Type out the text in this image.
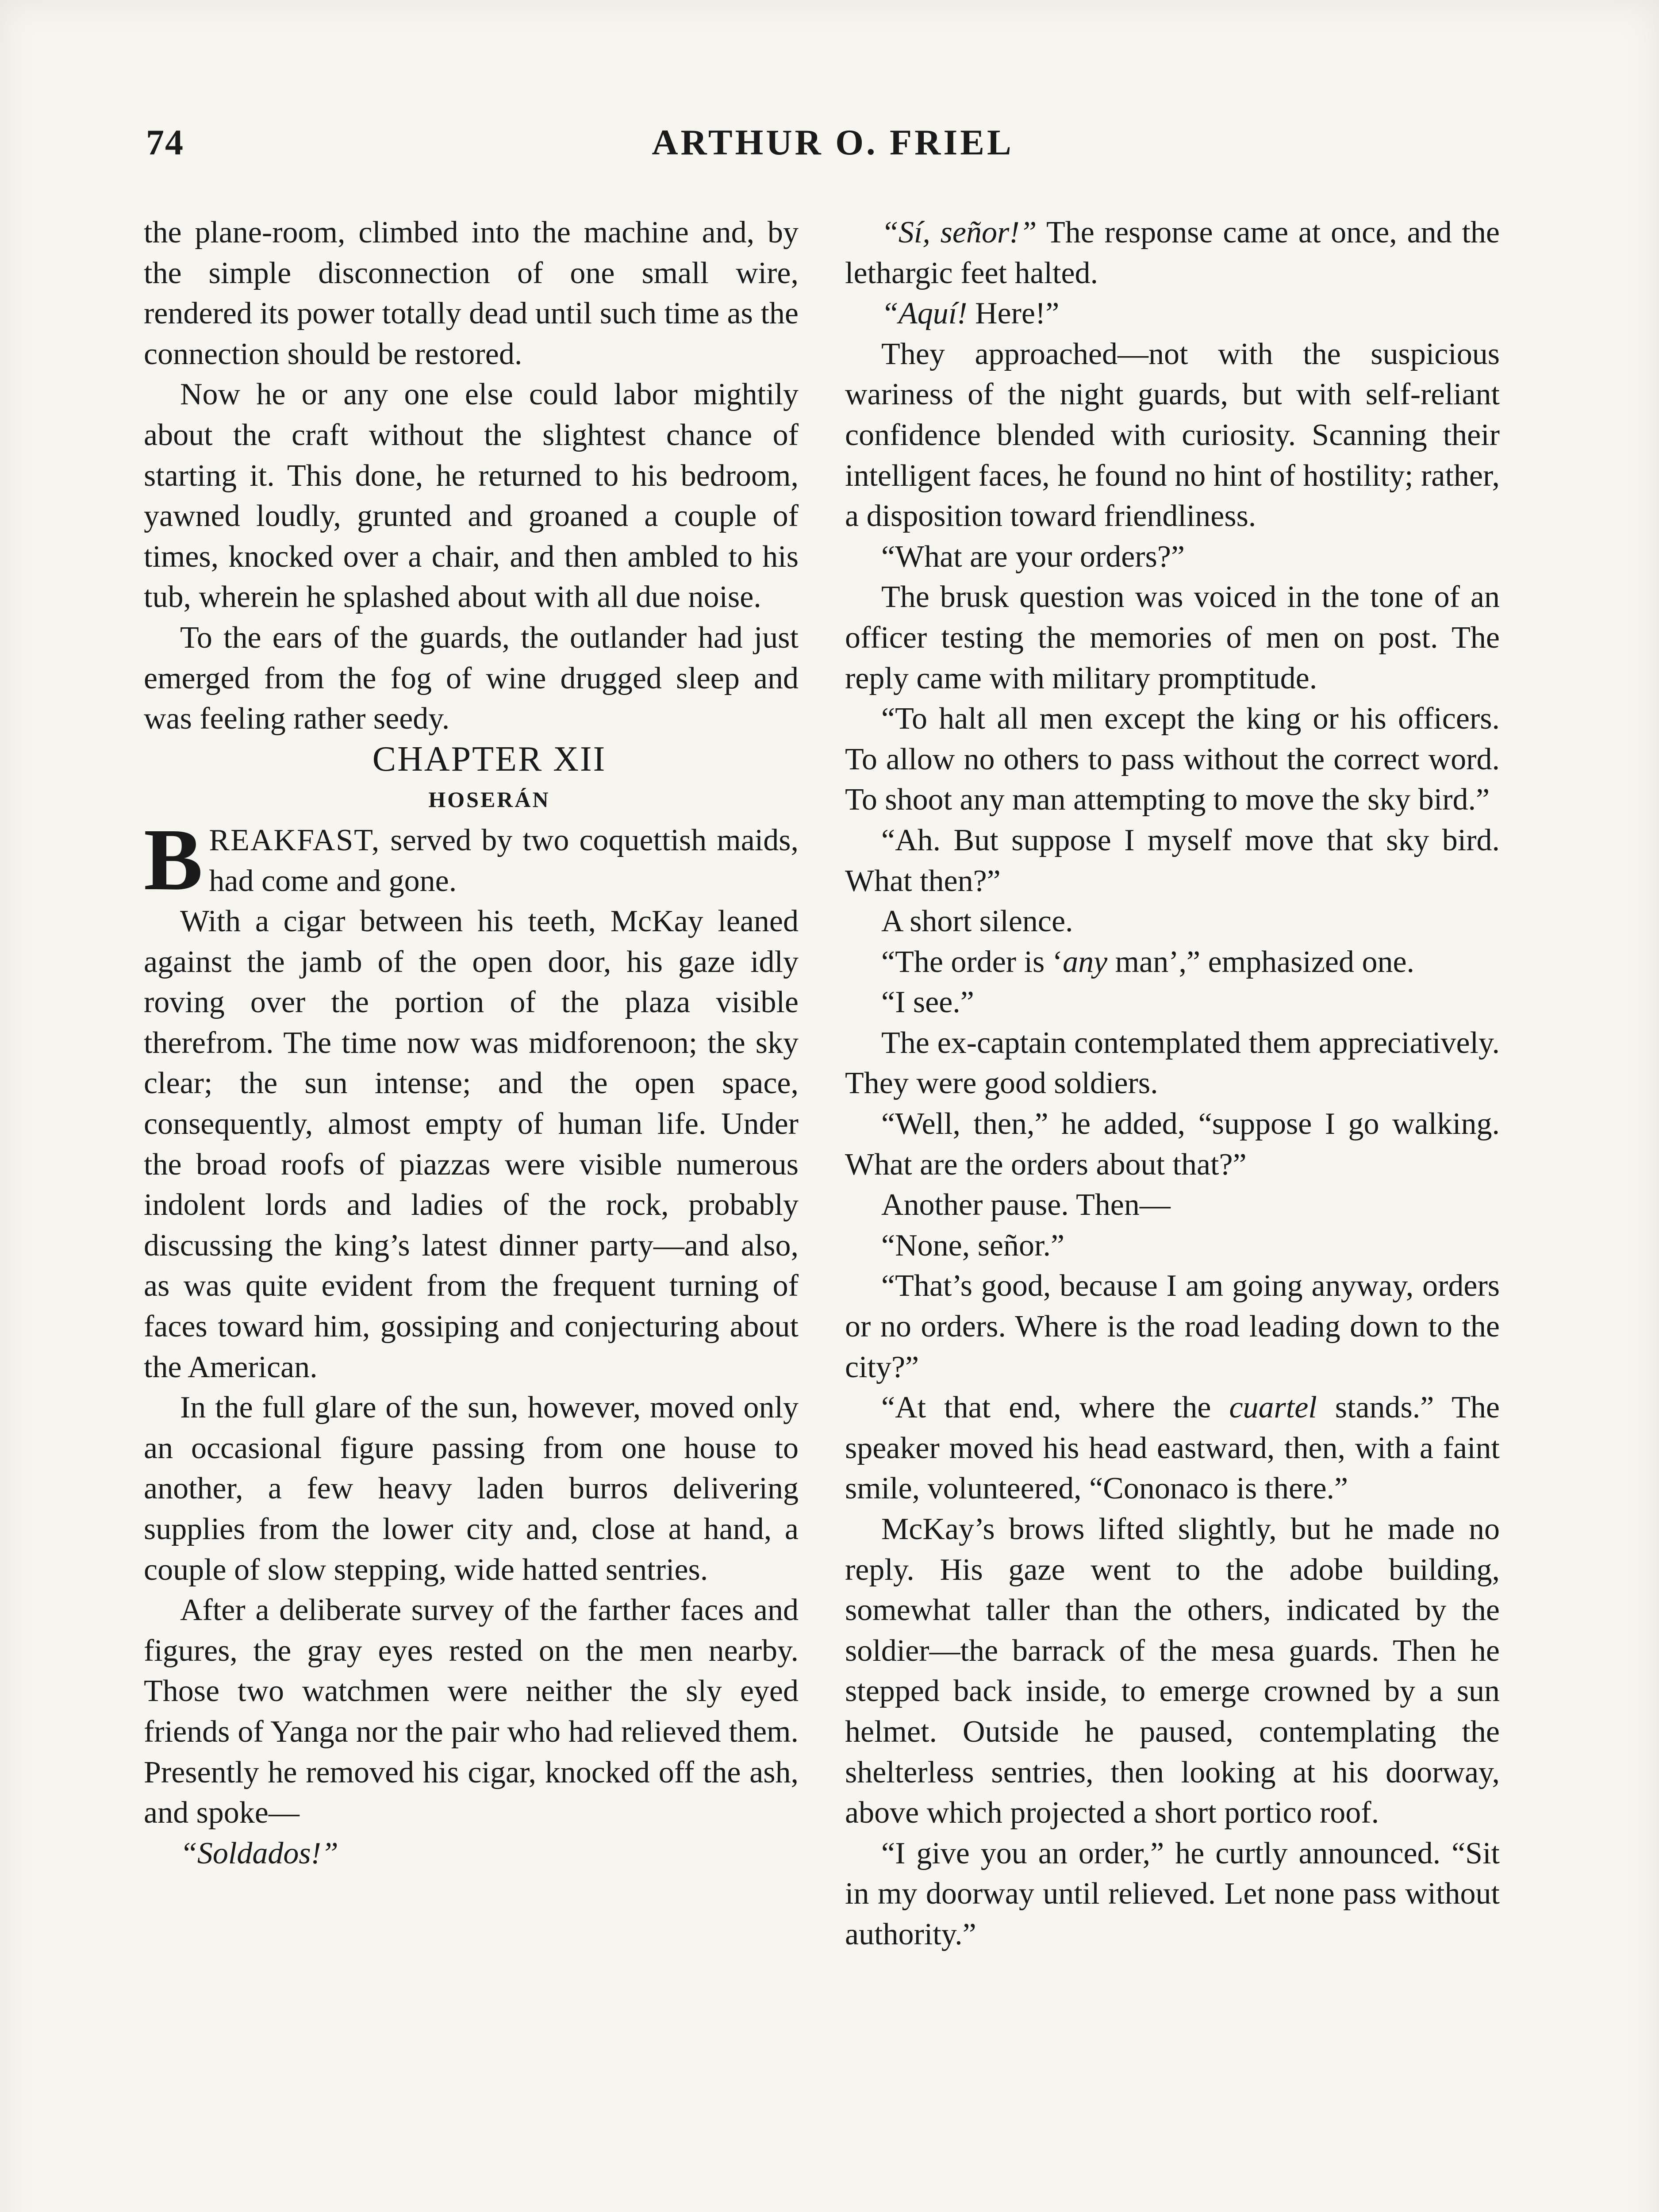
74	ARTHUR O. FRIEL

the plane-room, climbed into the machine and, by the simple disconnection of one small wire, rendered its power totally dead until such time as the connection should be restored.

Now he or any one else could labor mightily about the craft without the slightest chance of starting it. This done, he returned to his bedroom, yawned loudly, grunted and groaned a couple of times, knocked over a chair, and then ambled to his tub, wherein he splashed about with all due noise.

To the ears of the guards, the outlander had just emerged from the fog of wine drugged sleep and was feeling rather seedy.

CHAPTER XII

HOSERÁN

BREAKFAST, served by two coquettish maids, had come and gone.

With a cigar between his teeth, McKay leaned against the jamb of the open door, his gaze idly roving over the portion of the plaza visible therefrom. The time now was midforenoon; the sky clear; the sun intense; and the open space, consequently, almost empty of human life. Under the broad roofs of piazzas were visible numerous indolent lords and ladies of the rock, probably discussing the king’s latest dinner party—and also, as was quite evident from the frequent turning of faces toward him, gossiping and conjecturing about the American.

In the full glare of the sun, however, moved only an occasional figure passing from one house to another, a few heavy laden burros delivering supplies from the lower city and, close at hand, a couple of slow stepping, wide hatted sentries.

After a deliberate survey of the farther faces and figures, the gray eyes rested on the men nearby. Those two watchmen were neither the sly eyed friends of Yanga nor the pair who had relieved them. Presently he removed his cigar, knocked off the ash, and spoke—

“Soldados!”

“Sí, señor!” The response came at once, and the lethargic feet halted.

“Aquí! Here!”

They approached—not with the suspicious wariness of the night guards, but with self-reliant confidence blended with curiosity. Scanning their intelligent faces, he found no hint of hostility; rather, a disposition toward friendliness.

“What are your orders?”

The brusk question was voiced in the tone of an officer testing the memories of men on post. The reply came with military promptitude.

“To halt all men except the king or his officers. To allow no others to pass without the correct word. To shoot any man attempting to move the sky bird.”

“Ah. But suppose I myself move that sky bird. What then?”

A short silence.

“The order is ‘any man’,” emphasized one.

“I see.”

The ex-captain contemplated them appreciatively. They were good soldiers.

“Well, then,” he added, “suppose I go walking. What are the orders about that?”

Another pause. Then—

“None, señor.”

“That’s good, because I am going anyway, orders or no orders. Where is the road leading down to the city?”

“At that end, where the cuartel stands.” The speaker moved his head eastward, then, with a faint smile, volunteered, “Cononaco is there.”

McKay’s brows lifted slightly, but he made no reply. His gaze went to the adobe building, somewhat taller than the others, indicated by the soldier—the barrack of the mesa guards. Then he stepped back inside, to emerge crowned by a sun helmet. Outside he paused, contemplating the shelterless sentries, then looking at his doorway, above which projected a short portico roof.

“I give you an order,” he curtly announced. “Sit in my doorway until relieved. Let none pass without authority.”
